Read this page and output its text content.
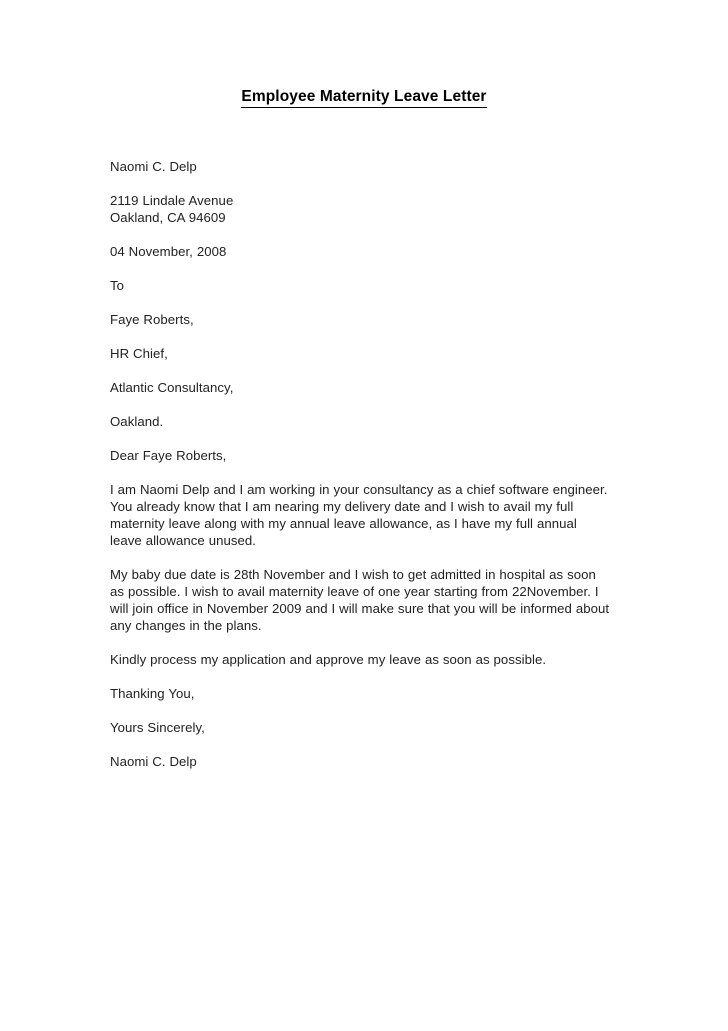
Employee Maternity Leave Letter

Naomi C. Delp

2119 Lindale Avenue
Oakland, CA 94609

04 November, 2008

To

Faye Roberts,

HR Chief,

Atlantic Consultancy,

Oakland.

Dear Faye Roberts,

I am Naomi Delp and I am working in your consultancy as a chief software engineer. You already know that I am nearing my delivery date and I wish to avail my full maternity leave along with my annual leave allowance, as I have my full annual leave allowance unused.

My baby due date is 28th November and I wish to get admitted in hospital as soon as possible. I wish to avail maternity leave of one year starting from 22November. I will join office in November 2009 and I will make sure that you will be informed about any changes in the plans.

Kindly process my application and approve my leave as soon as possible.

Thanking You,

Yours Sincerely,

Naomi C. Delp
